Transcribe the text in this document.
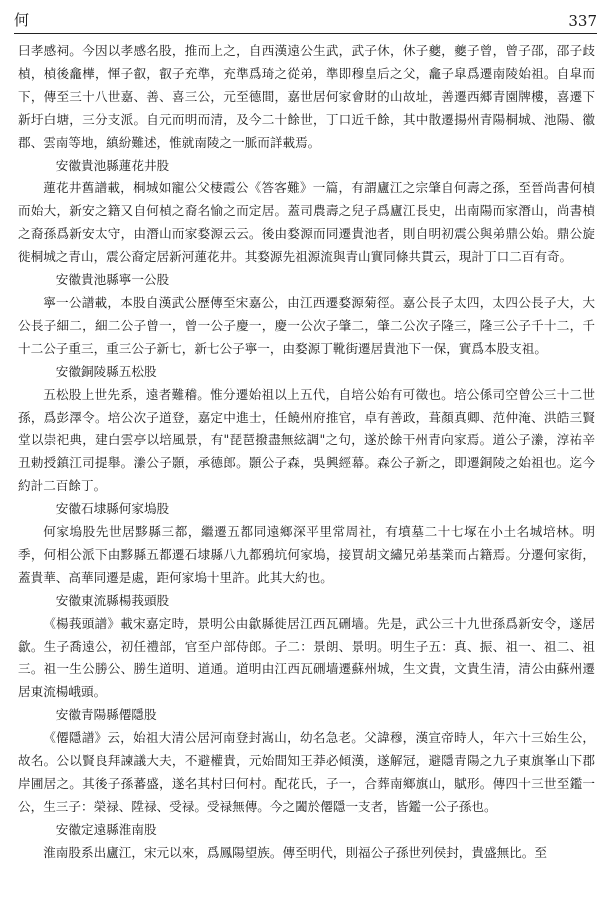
何	337

曰孝感祠。今因以孝感名股，推而上之，自西漢遠公生武，武子休，休子夔，夔子曾，曾子邵，邵子歧楨，楨後龕樺，惲子叡，叡子充準，充準爲琦之從弟，準即穆皇后之父，龕子皐爲遷南陵始祖。自皐而下，傳至三十八世嘉、善、喜三公，元至德間，嘉世居何家會財的山故址，善遷西郷青園牌樓，喜遷下新圩白塘，三分支派。自元而明而清，及今二十餘世，丁口近千餘，其中散遷揚州青陽桐城、池陽、徽郡、雲南等地，縝紛難述，惟就南陵之一脈而詳載焉。

安徽貴池縣蓮花井股

蓮花井舊譜載，桐城如寵公父棲霞公《答客難》一篇，有謂廬江之宗肇自何壽之孫，至晉尚書何楨而始大，新安之籍又自何楨之裔名愉之而定居。蓋司農壽之兒子爲廬江長史，出南陽而家潛山，尚書楨之裔孫爲新安太守，由潛山而家婺源云云。後由婺源而同遷貴池者，則自明初震公與弟鼎公始。鼎公旋徙桐城之青山，震公裔定居新河蓮花井。其婺源先祖源流與青山實同條共貫云，現計丁口二百有奇。

安徽貴池縣寧一公股

寧一公譜載，本股自漢武公歷傳至宋嘉公，由江西遷婺源菊徑。嘉公長子太四，太四公長子大，大公長子細二，細二公子曾一，曾一公子慶一，慶一公次子肇二，肇二公次子隆三，隆三公子千十二，千十二公子重三，重三公子新七，新七公子寧一，由婺源丁靴街遷居貴池下一保，實爲本股支祖。

安徽銅陵縣五松股

五松股上世先系，遠者難稽。惟分遷始祖以上五代，自培公始有可徵也。培公係司空曾公三十二世孫，爲彭澤令。培公次子道登，嘉定中進士，任饒州府推官，卓有善政，葺顏真卿、范仲淹、洪皓三賢堂以崇祀典，建白雲亭以培風景，有"琵琶撥盡無絃調"之句，遂於餘干州青向家焉。道公子潫，淳祐辛丑勅授鎮江司提舉。潫公子顥，承德郎。顥公子森，吳興經幕。森公子新之，即遷銅陵之始祖也。迄今約計二百餘丁。

安徽石埭縣何家塢股

何家塢股先世居黟縣三都，繼遷五都同遠鄉深平里常周社，有墳墓二十七塚在小土名城培林。明季，何相公派下由黟縣五都遷石埭縣八九都鴉坑何家塢，接買胡文繡兄弟基業而占籍焉。分遷何家街，蓋貴華、高華同遷是處，距何家塢十里許。此其大約也。

安徽東流縣楊莪頭股

《楊莪頭譜》載宋嘉定時，景明公由歙縣徙居江西瓦硎墙。先是，武公三十九世孫爲新安令，遂居歙。生子喬遠公，初任禮部，官至户部侍郎。子二：景朗、景明。明生子五：真、振、祖一、祖二、祖三。祖一生公勝公、勝生道明、道通。道明由江西瓦硎墙遷蘇州城，生文貴，文貴生清，清公由蘇州遷居東流楊峨頭。

安徽青陽縣僊隱股

《僊隱譜》云，始祖大清公居河南登封嵩山，幼名急老。父諱穆，漢宣帝時人，年六十三始生公，故名。公以賢良拜諫議大夫，不避權貴，元始間知王莽必傾漢，遂解冠，避隱青陽之九子東旗峯山下郡岸圃居之。其後子孫蕃盛，遂名其村曰何村。配花氏，子一，合葬南鄉旗山，賦形。傳四十三世至鑑一公，生三子：榮禄、陞禄、受禄。受禄無傳。今之闔於僊隱一支者，皆鑑一公子孫也。

安徽定遠縣淮南股

淮南股系出廬江，宋元以來，爲鳳陽望族。傳至明代，則福公子孫世列侯封，貴盛無比。至
